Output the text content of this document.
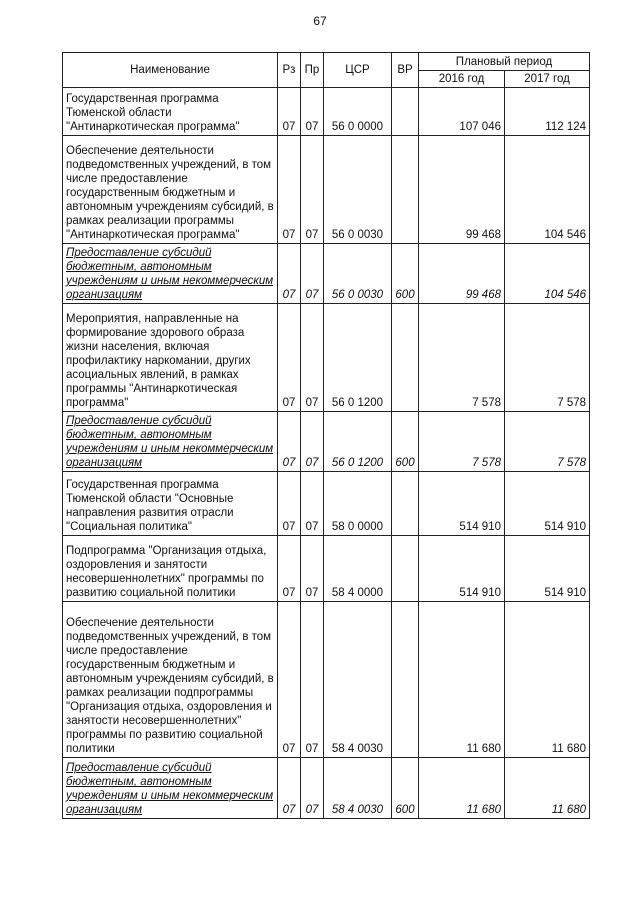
67
Наименование	Рз	Пр	ЦСР	ВР	Плановый период	
					2016 год	2017 год
Государственная программа Тюменской области "Антинаркотическая программа"	07	07	56 0 0000		107 046	112 124
Обеспечение деятельности подведомственных учреждений, в том числе предоставление государственным бюджетным и автономным учреждениям субсидий, в рамках реализации программы "Антинаркотическая программа"	07	07	56 0 0030		99 468	104 546
Предоставление субсидий бюджетным, автономным учреждениям и иным некоммерческим организациям	07	07	56 0 0030	600	99 468	104 546
Мероприятия, направленные на формирование здорового образа жизни населения, включая профилактику наркомании, других асоциальных явлений, в рамках программы "Антинаркотическая программа"	07	07	56 0 1200		7 578	7 578
Предоставление субсидий бюджетным, автономным учреждениям и иным некоммерческим организациям	07	07	56 0 1200	600	7 578	7 578
Государственная программа Тюменской области "Основные направления развития отрасли "Социальная политика"	07	07	58 0 0000		514 910	514 910
Подпрограмма "Организация отдыха, оздоровления и занятости несовершеннолетних" программы по развитию социальной политики	07	07	58 4 0000		514 910	514 910
Обеспечение деятельности подведомственных учреждений, в том числе предоставление государственным бюджетным и автономным учреждениям субсидий, в рамках реализации подпрограммы "Организация отдыха, оздоровления и занятости несовершеннолетних" программы по развитию социальной политики	07	07	58 4 0030		11 680	11 680
Предоставление субсидий бюджетным, автономным учреждениям и иным некоммерческим организациям	07	07	58 4 0030	600	11 680	11 680
